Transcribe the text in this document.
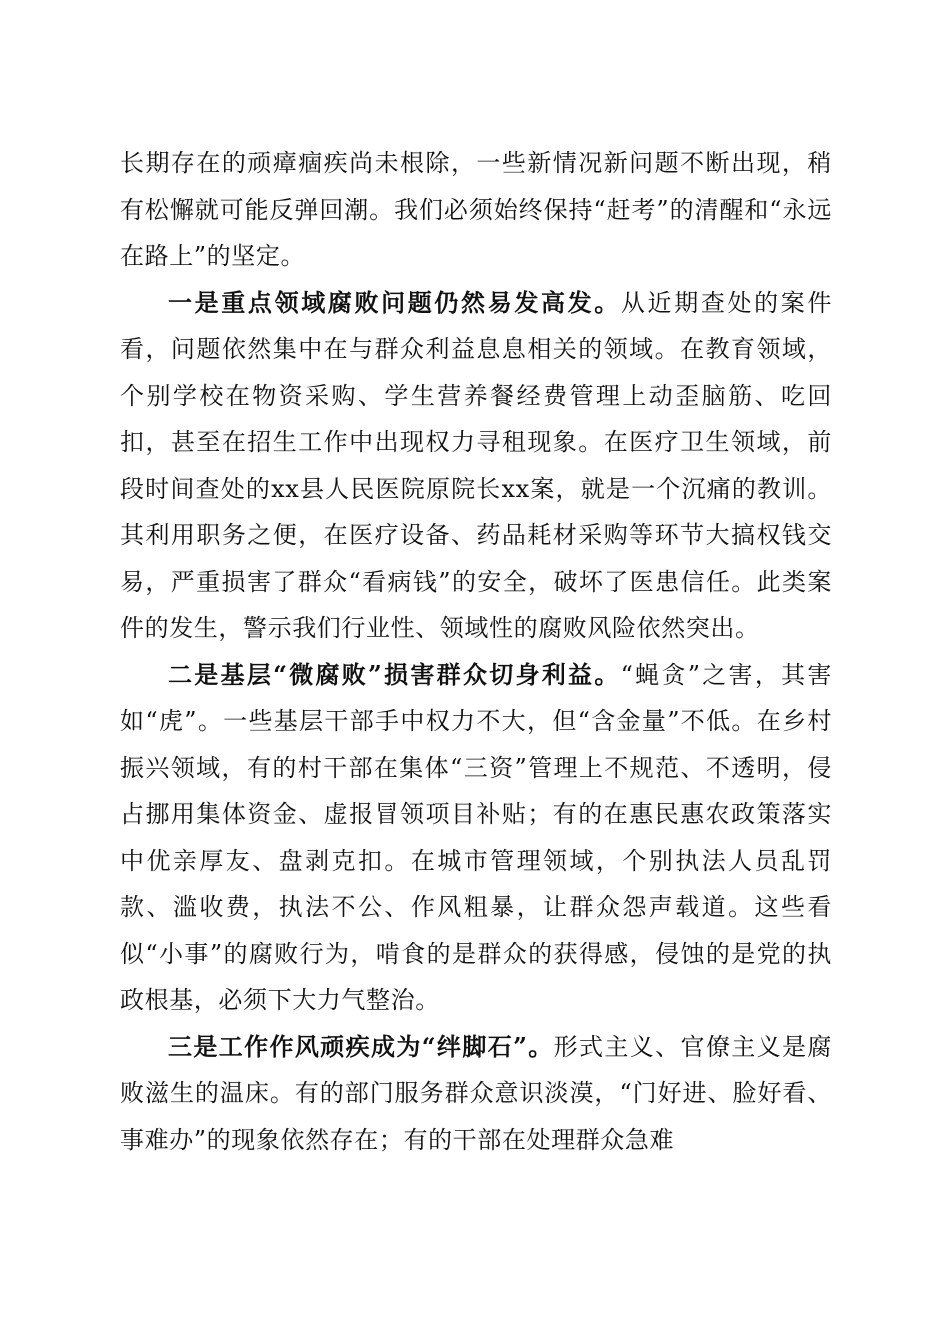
长期存在的顽瘴痼疾尚未根除，一些新情况新问题不断出现，稍有松懈就可能反弹回潮。我们必须始终保持“赶考”的清醒和“永远在路上”的坚定。

一是重点领域腐败问题仍然易发高发。从近期查处的案件看，问题依然集中在与群众利益息息相关的领域。在教育领域，个别学校在物资采购、学生营养餐经费管理上动歪脑筋、吃回扣，甚至在招生工作中出现权力寻租现象。在医疗卫生领域，前段时间查处的xx县人民医院原院长xx案，就是一个沉痛的教训。其利用职务之便，在医疗设备、药品耗材采购等环节大搞权钱交易，严重损害了群众“看病钱”的安全，破坏了医患信任。此类案件的发生，警示我们行业性、领域性的腐败风险依然突出。

二是基层“微腐败”损害群众切身利益。“蝇贪”之害，其害如“虎”。一些基层干部手中权力不大，但“含金量”不低。在乡村振兴领域，有的村干部在集体“三资”管理上不规范、不透明，侵占挪用集体资金、虚报冒领项目补贴；有的在惠民惠农政策落实中优亲厚友、盘剥克扣。在城市管理领域，个别执法人员乱罚款、滥收费，执法不公、作风粗暴，让群众怨声载道。这些看似“小事”的腐败行为，啃食的是群众的获得感，侵蚀的是党的执政根基，必须下大力气整治。

三是工作作风顽疾成为“绊脚石”。形式主义、官僚主义是腐败滋生的温床。有的部门服务群众意识淡漠，“门好进、脸好看、事难办”的现象依然存在；有的干部在处理群众急难
